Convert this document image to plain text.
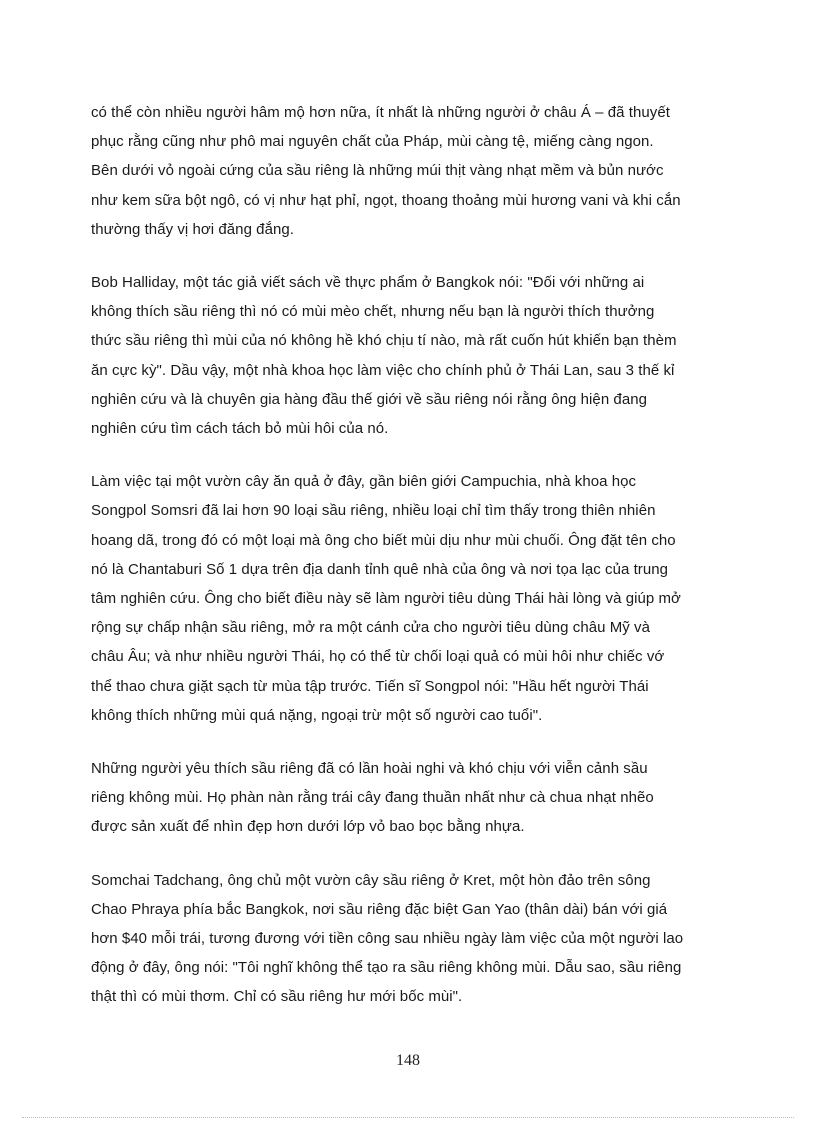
có thể còn nhiều người hâm mộ hơn nữa, ít nhất là những người ở châu Á – đã thuyết
phục rằng cũng như phô mai nguyên chất của Pháp, mùi càng tệ, miếng càng ngon.
Bên dưới vỏ ngoài cứng của sầu riêng là những múi thịt vàng nhạt mềm và bủn nước
như kem sữa bột ngô, có vị như hạt phỉ, ngọt, thoang thoảng mùi hương vani và khi cắn
thường thấy vị hơi đăng đắng.
Bob Halliday, một tác giả viết sách về thực phẩm ở Bangkok nói: "Đối với những ai
không thích sầu riêng thì nó có mùi mèo chết, nhưng nếu bạn là người thích thưởng
thức sầu riêng thì mùi của nó không hề khó chịu tí nào, mà rất cuốn hút khiến bạn thèm
ăn cực kỳ". Dầu vậy, một nhà khoa học làm việc cho chính phủ ở Thái Lan, sau 3 thế kỉ
nghiên cứu và là chuyên gia hàng đầu thế giới về sầu riêng nói rằng ông hiện đang
nghiên cứu tìm cách tách bỏ mùi hôi của nó.
Làm việc tại một vườn cây ăn quả ở đây, gần biên giới Campuchia, nhà khoa học
Songpol Somsri đã lai hơn 90 loại sầu riêng, nhiều loại chỉ tìm thấy trong thiên nhiên
hoang dã, trong đó có một loại mà ông cho biết mùi dịu như mùi chuối. Ông đặt tên cho
nó là Chantaburi Số 1 dựa trên địa danh tỉnh quê nhà của ông và nơi tọa lạc của trung
tâm nghiên cứu. Ông cho biết điều này sẽ làm người tiêu dùng Thái hài lòng và giúp mở
rộng sự chấp nhận sầu riêng, mở ra một cánh cửa cho người tiêu dùng châu Mỹ và
châu Âu; và như nhiều người Thái, họ có thể từ chối loại quả có mùi hôi như chiếc vớ
thể thao chưa giặt sạch từ mùa tập trước. Tiến sĩ Songpol nói: "Hầu hết người Thái
không thích những mùi quá nặng, ngoại trừ một số người cao tuổi".
Những người yêu thích sầu riêng đã có lần hoài nghi và khó chịu với viễn cảnh sầu
riêng không mùi. Họ phàn nàn rằng trái cây đang thuần nhất như cà chua nhạt nhẽo
được sản xuất để nhìn đẹp hơn dưới lớp vỏ bao bọc bằng nhựa.
Somchai Tadchang, ông chủ một vườn cây sầu riêng ở Kret, một hòn đảo trên sông
Chao Phraya phía bắc Bangkok, nơi sầu riêng đặc biệt Gan Yao (thân dài) bán với giá
hơn $40 mỗi trái, tương đương với tiền công sau nhiều ngày làm việc của một người lao
động ở đây, ông nói: "Tôi nghĩ không thể tạo ra sầu riêng không mùi. Dẫu sao, sầu riêng
thật thì có mùi thơm. Chỉ có sầu riêng hư mới bốc mùi".
148
